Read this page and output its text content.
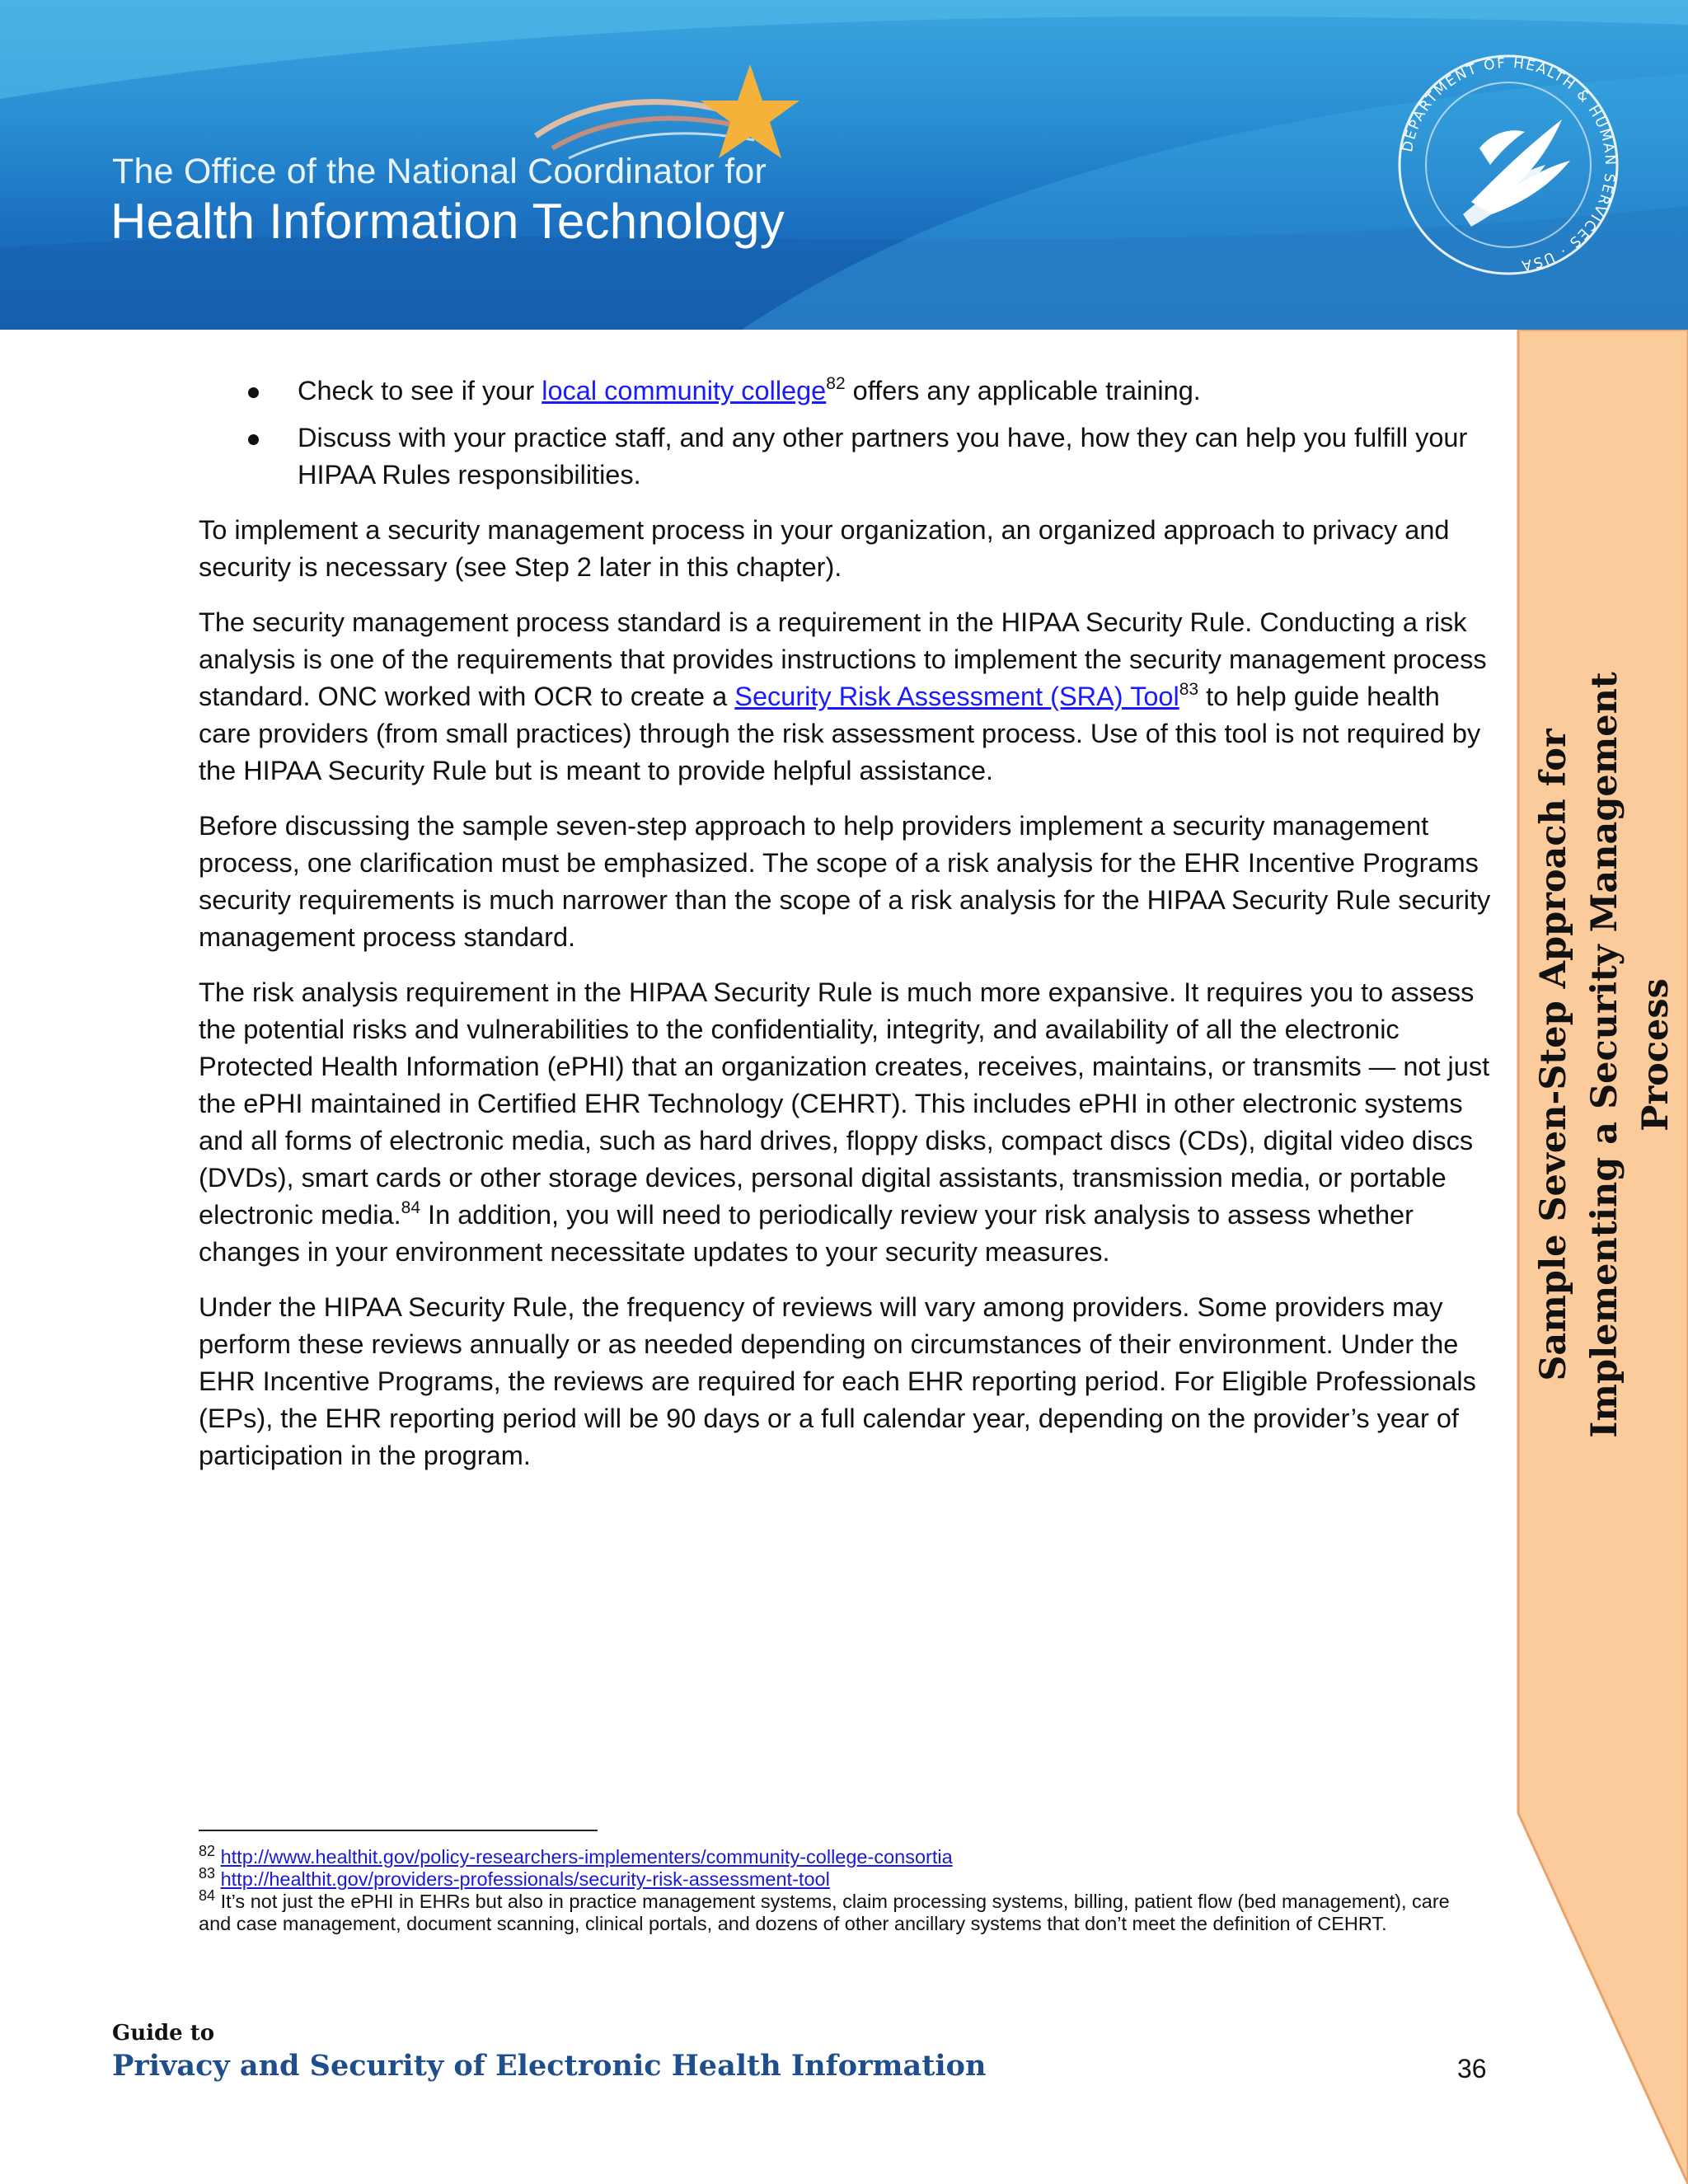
The Office of the National Coordinator for
Health Information Technology
DEPARTMENT OF HEALTH & HUMAN SERVICES · USA
Sample Seven-Step Approach for Implementing a Security Management Process
Check to see if your local community college$^{82}$ offers any applicable training.
Discuss with your practice staff, and any other partners you have, how they can help you fulfill your HIPAA Rules responsibilities.

To implement a security management process in your organization, an organized approach to privacy and security is necessary (see Step 2 later in this chapter).

The security management process standard is a requirement in the HIPAA Security Rule. Conducting a risk analysis is one of the requirements that provides instructions to implement the security management process standard. ONC worked with OCR to create a Security Risk Assessment (SRA) Tool$^{83}$ to help guide health care providers (from small practices) through the risk assessment process. Use of this tool is not required by the HIPAA Security Rule but is meant to provide helpful assistance.

Before discussing the sample seven-step approach to help providers implement a security management process, one clarification must be emphasized. The scope of a risk analysis for the EHR Incentive Programs security requirements is much narrower than the scope of a risk analysis for the HIPAA Security Rule security management process standard.

The risk analysis requirement in the HIPAA Security Rule is much more expansive. It requires you to assess the potential risks and vulnerabilities to the confidentiality, integrity, and availability of all the electronic Protected Health Information (ePHI) that an organization creates, receives, maintains, or transmits — not just the ePHI maintained in Certified EHR Technology (CEHRT). This includes ePHI in other electronic systems and all forms of electronic media, such as hard drives, floppy disks, compact discs (CDs), digital video discs (DVDs), smart cards or other storage devices, personal digital assistants, transmission media, or portable electronic media.$^{84}$ In addition, you will need to periodically review your risk analysis to assess whether changes in your environment necessitate updates to your security measures.

Under the HIPAA Security Rule, the frequency of reviews will vary among providers. Some providers may perform these reviews annually or as needed depending on circumstances of their environment. Under the EHR Incentive Programs, the reviews are required for each EHR reporting period. For Eligible Professionals (EPs), the EHR reporting period will be 90 days or a full calendar year, depending on the provider’s year of participation in the program.

$^{82}$ http://www.healthit.gov/policy-researchers-implementers/community-college-consortia

$^{83}$ http://healthit.gov/providers-professionals/security-risk-assessment-tool

$^{84}$ It’s not just the ePHI in EHRs but also in practice management systems, claim processing systems, billing, patient flow (bed management), care and case management, document scanning, clinical portals, and dozens of other ancillary systems that don’t meet the definition of CEHRT.

Guide to
Privacy and Security of Electronic Health Information	36
